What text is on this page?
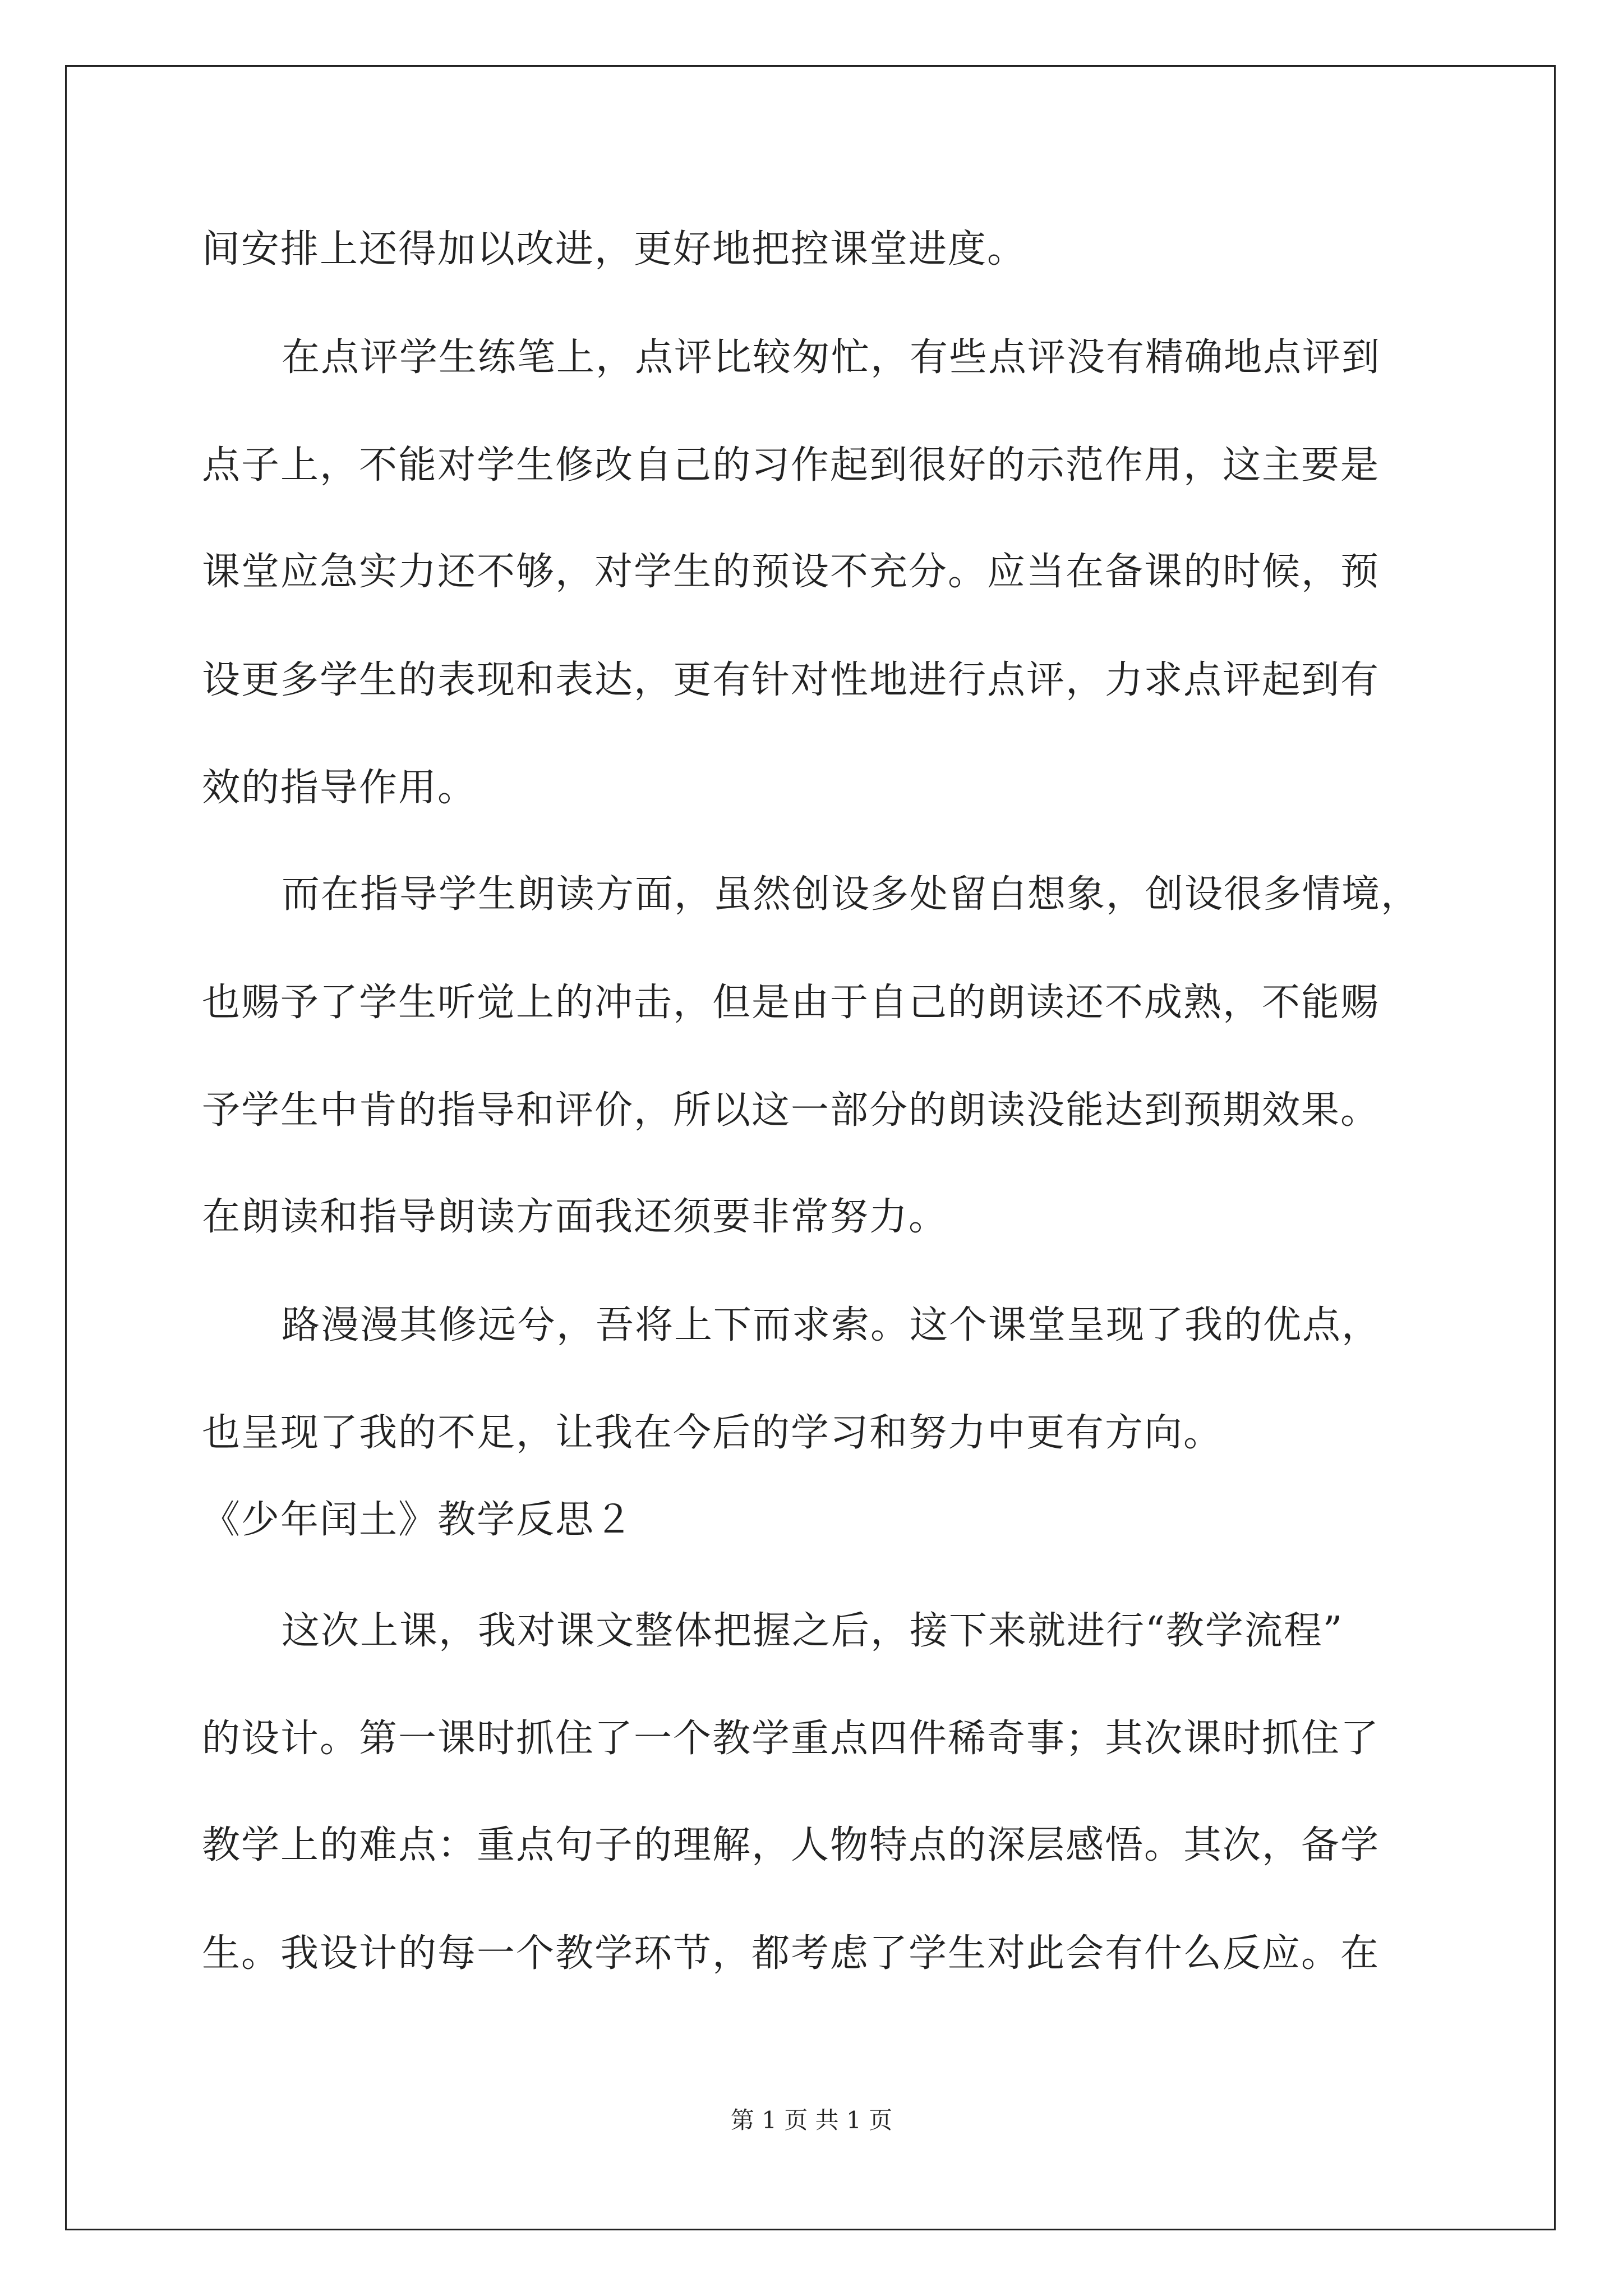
间安排上还得加以改进，更好地把控课堂进度。
在点评学生练笔上，点评比较匆忙，有些点评没有精确地点评到
点子上，不能对学生修改自己的习作起到很好的示范作用，这主要是
课堂应急实力还不够，对学生的预设不充分。应当在备课的时候，预
设更多学生的表现和表达，更有针对性地进行点评，力求点评起到有
效的指导作用。
而在指导学生朗读方面，虽然创设多处留白想象，创设很多情境，
也赐予了学生听觉上的冲击，但是由于自己的朗读还不成熟，不能赐
予学生中肯的指导和评价，所以这一部分的朗读没能达到预期效果。
在朗读和指导朗读方面我还须要非常努力。
路漫漫其修远兮，吾将上下而求索。这个课堂呈现了我的优点，
也呈现了我的不足，让我在今后的学习和努力中更有方向。
《少年闰土》教学反思２
这次上课，我对课文整体把握之后，接下来就进行“教学流程”
的设计。第一课时抓住了一个教学重点四件稀奇事；其次课时抓住了
教学上的难点：重点句子的理解，人物特点的深层感悟。其次，备学
生。我设计的每一个教学环节，都考虑了学生对此会有什么反应。在
第 1 页 共 1 页
